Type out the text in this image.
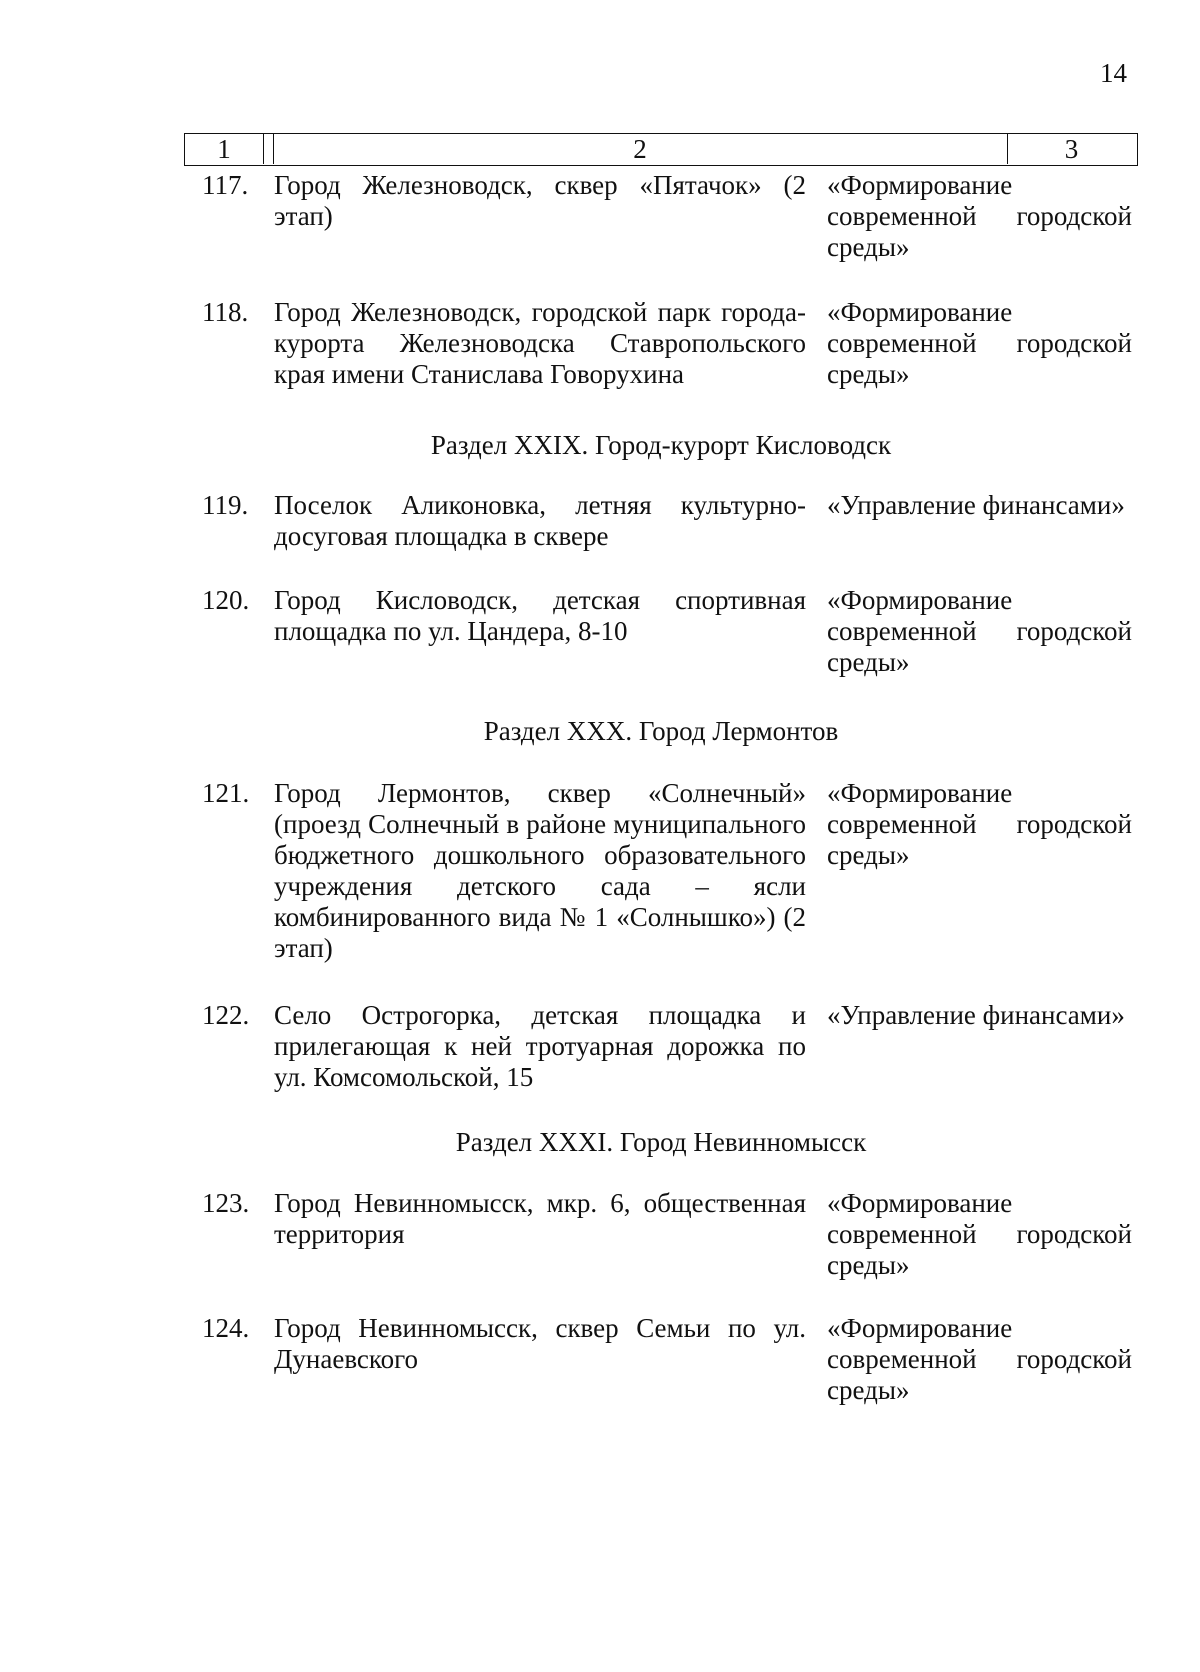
14
1	2	3
117. Город Железноводск, сквер «Пятачок» (2 этап)
«Формирование современной городской среды»
118. Город Железноводск, городской парк города-курорта Железноводска Ставропольского края имени Станислава Говорухина
«Формирование современной городской среды»
Раздел XXIX. Город-курорт Кисловодск
119. Поселок Аликоновка, летняя культурно-досуговая площадка в сквере
«Управление финансами»
120. Город Кисловодск, детская спортивная площадка по ул. Цандера, 8-10
«Формирование современной городской среды»
Раздел XXX. Город Лермонтов
121. Город Лермонтов, сквер «Солнечный» (проезд Солнечный в районе муниципального бюджетного дошкольного образовательного учреждения детского сада – ясли комбинированного вида № 1 «Солнышко») (2 этап)
«Формирование современной городской среды»
122. Село Острогорка, детская площадка и прилегающая к ней тротуарная дорожка по ул. Комсомольской, 15
«Управление финансами»
Раздел XXXI. Город Невинномысск
123. Город Невинномысск, мкр. 6, общественная территория
«Формирование современной городской среды»
124. Город Невинномысск, сквер Семьи по ул. Дунаевского
«Формирование современной городской среды»
